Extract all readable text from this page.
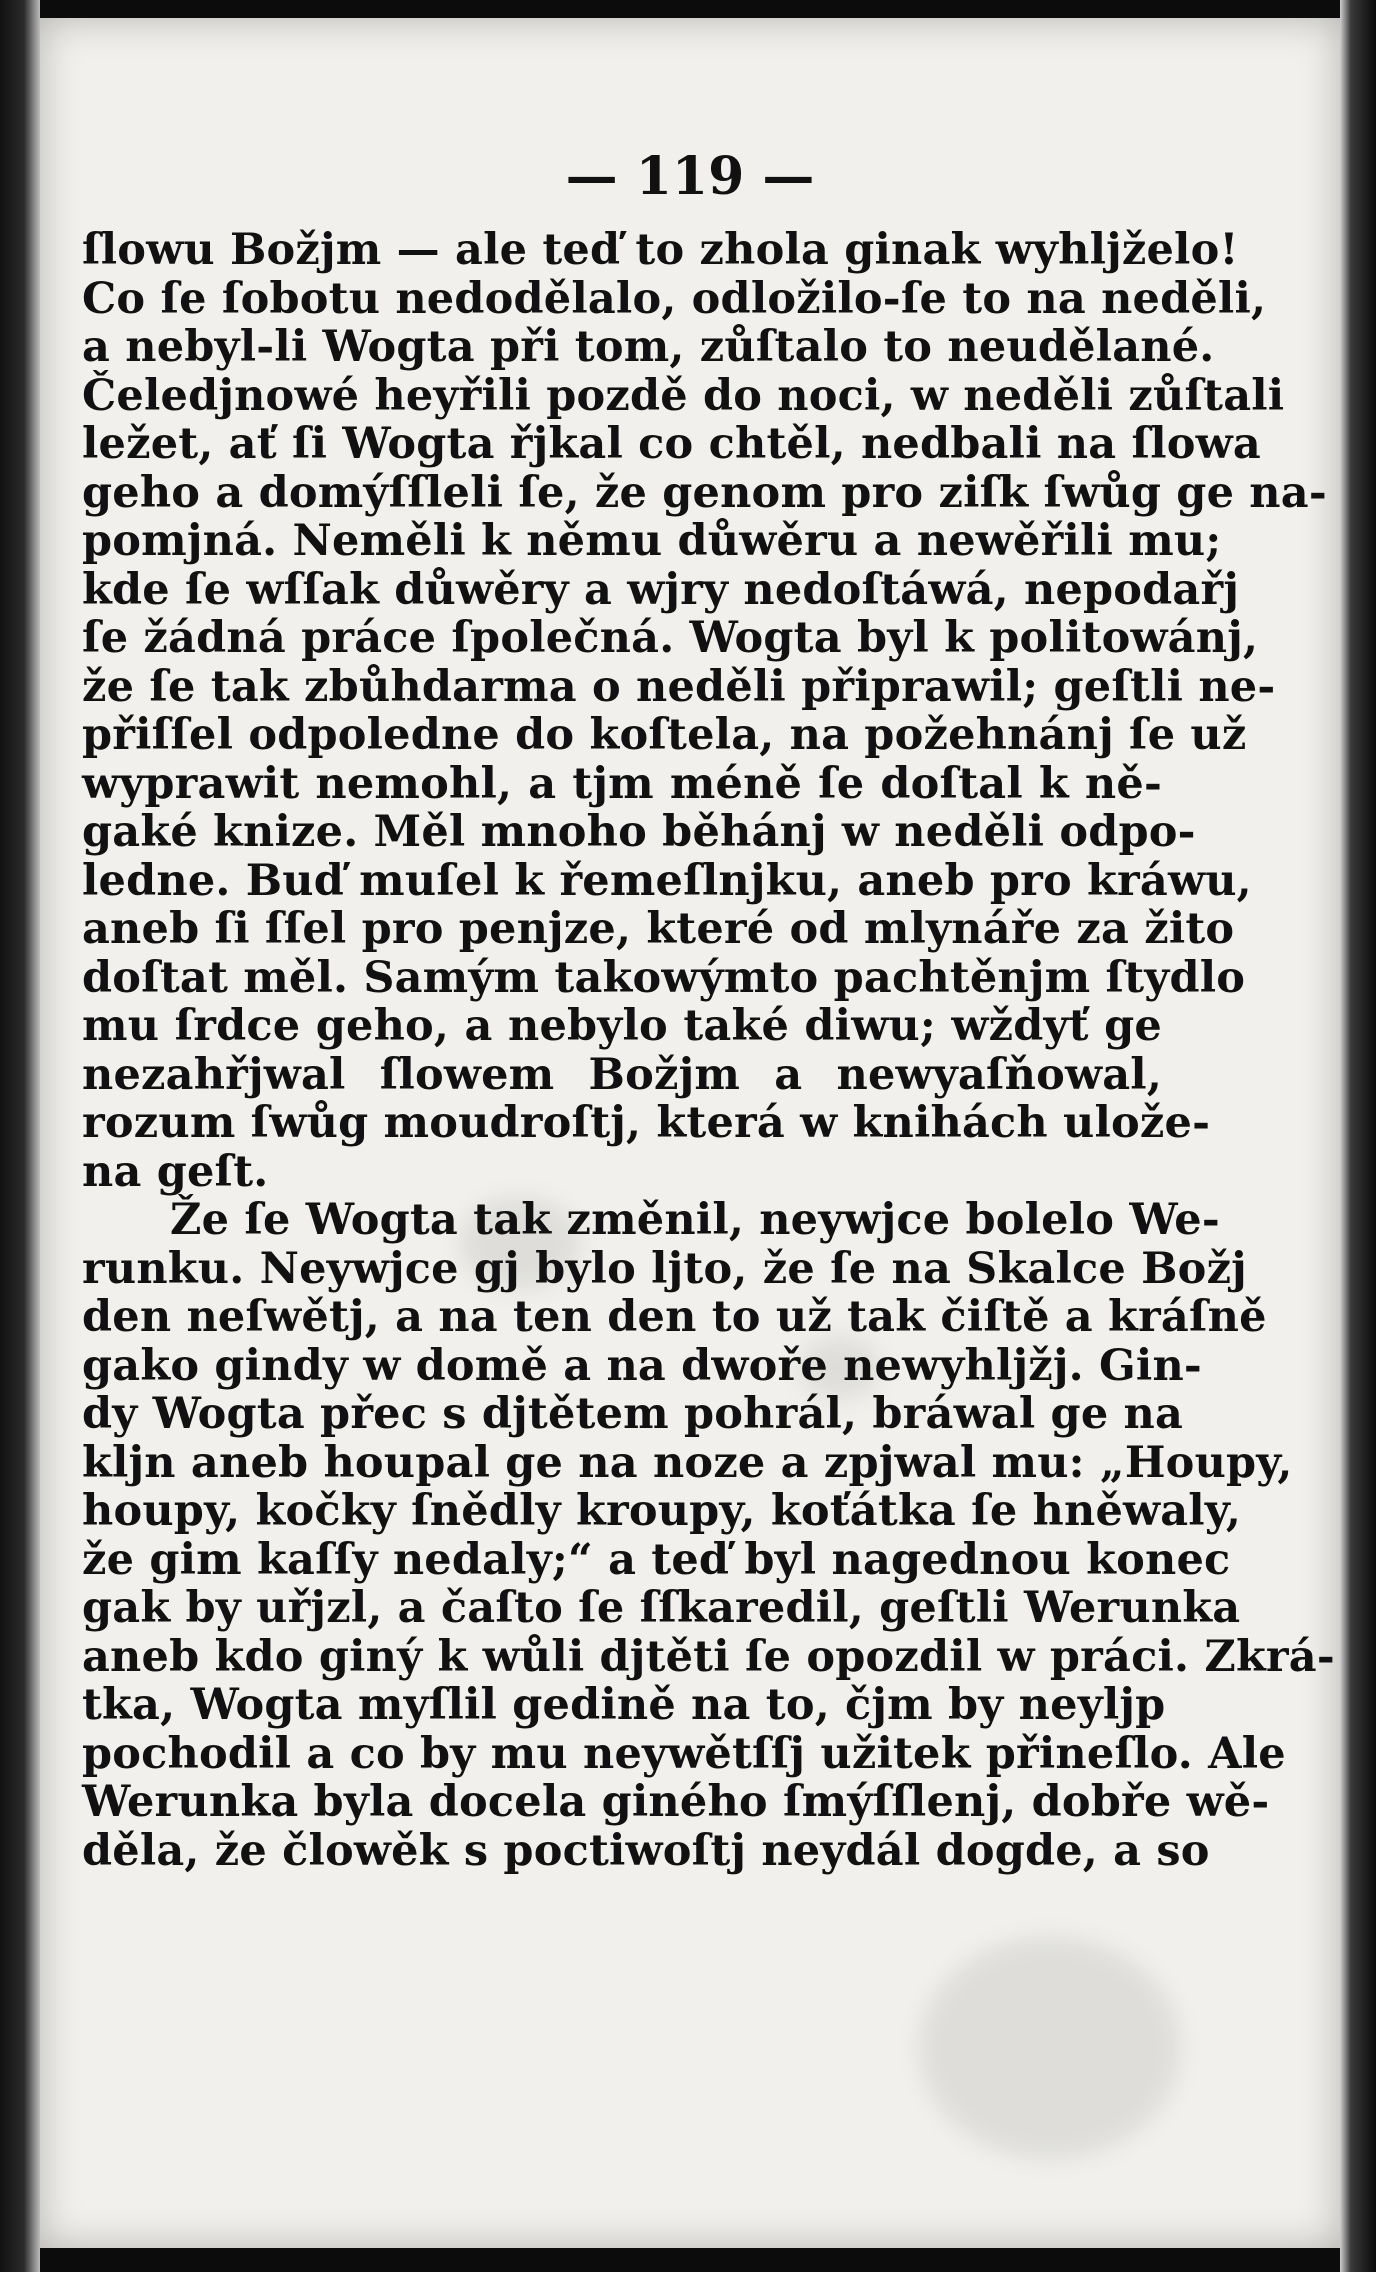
— 119 —
ſlowu Božjm — ale teď to zhola ginak wyhljželo!
Co ſe ſobotu nedodělalo, odložilo-ſe to na neděli,
a nebyl-li Wogta při tom, zůſtalo to neudělané.
Čeledjnowé heyřili pozdě do noci, w neděli zůſtali
ležet, ať ſi Wogta řjkal co chtěl, nedbali na ſlowa
geho a domýſſleli ſe, že genom pro ziſk ſwůg ge na-
pomjná. Neměli k němu důwěru a newěřili mu;
kde ſe wſſak důwěry a wjry nedoſtáwá, nepodařj
ſe žádná práce ſpolečná. Wogta byl k politowánj,
že ſe tak zbůhdarma o neděli připrawil; geſtli ne-
přiſſel odpoledne do koſtela, na požehnánj ſe už
wyprawit nemohl, a tjm méně ſe doſtal k ně-
gaké knize. Měl mnoho běhánj w neděli odpo-
ledne. Buď muſel k řemeſlnjku, aneb pro kráwu,
aneb ſi ſſel pro penjze, které od mlynáře za žito
doſtat měl. Samým takowýmto pachtěnjm ſtydlo
mu ſrdce geho, a nebylo také diwu; wždyť ge
nezahřjwal ſlowem Božjm a newyaſňowal,
rozum ſwůg moudroſtj, která w knihách ulože-
na geſt.
Že ſe Wogta tak změnil, neywjce bolelo We-
runku. Neywjce gj bylo ljto, že ſe na Skalce Božj
den neſwětj, a na ten den to už tak čiſtě a kráſně
gako gindy w domě a na dwoře newyhljžj. Gin-
dy Wogta přec s djtětem pohrál, bráwal ge na
kljn aneb houpal ge na noze a zpjwal mu: „Houpy,
houpy, kočky ſnědly kroupy, koťátka ſe hněwaly,
že gim kaſſy nedaly;“ a teď byl nagednou konec
gak by uřjzl, a čaſto ſe ſſkaredil, geſtli Werunka
aneb kdo giný k wůli djtěti ſe opozdil w práci. Zkrá-
tka, Wogta myſlil gedině na to, čjm by neylјp
pochodil a co by mu neywětſſj užitek přineſlo. Ale
Werunka byla docela giného ſmýſſlenj, dobře wě-
děla, že člowěk s poctiwoſtj neydál dogde, a so
